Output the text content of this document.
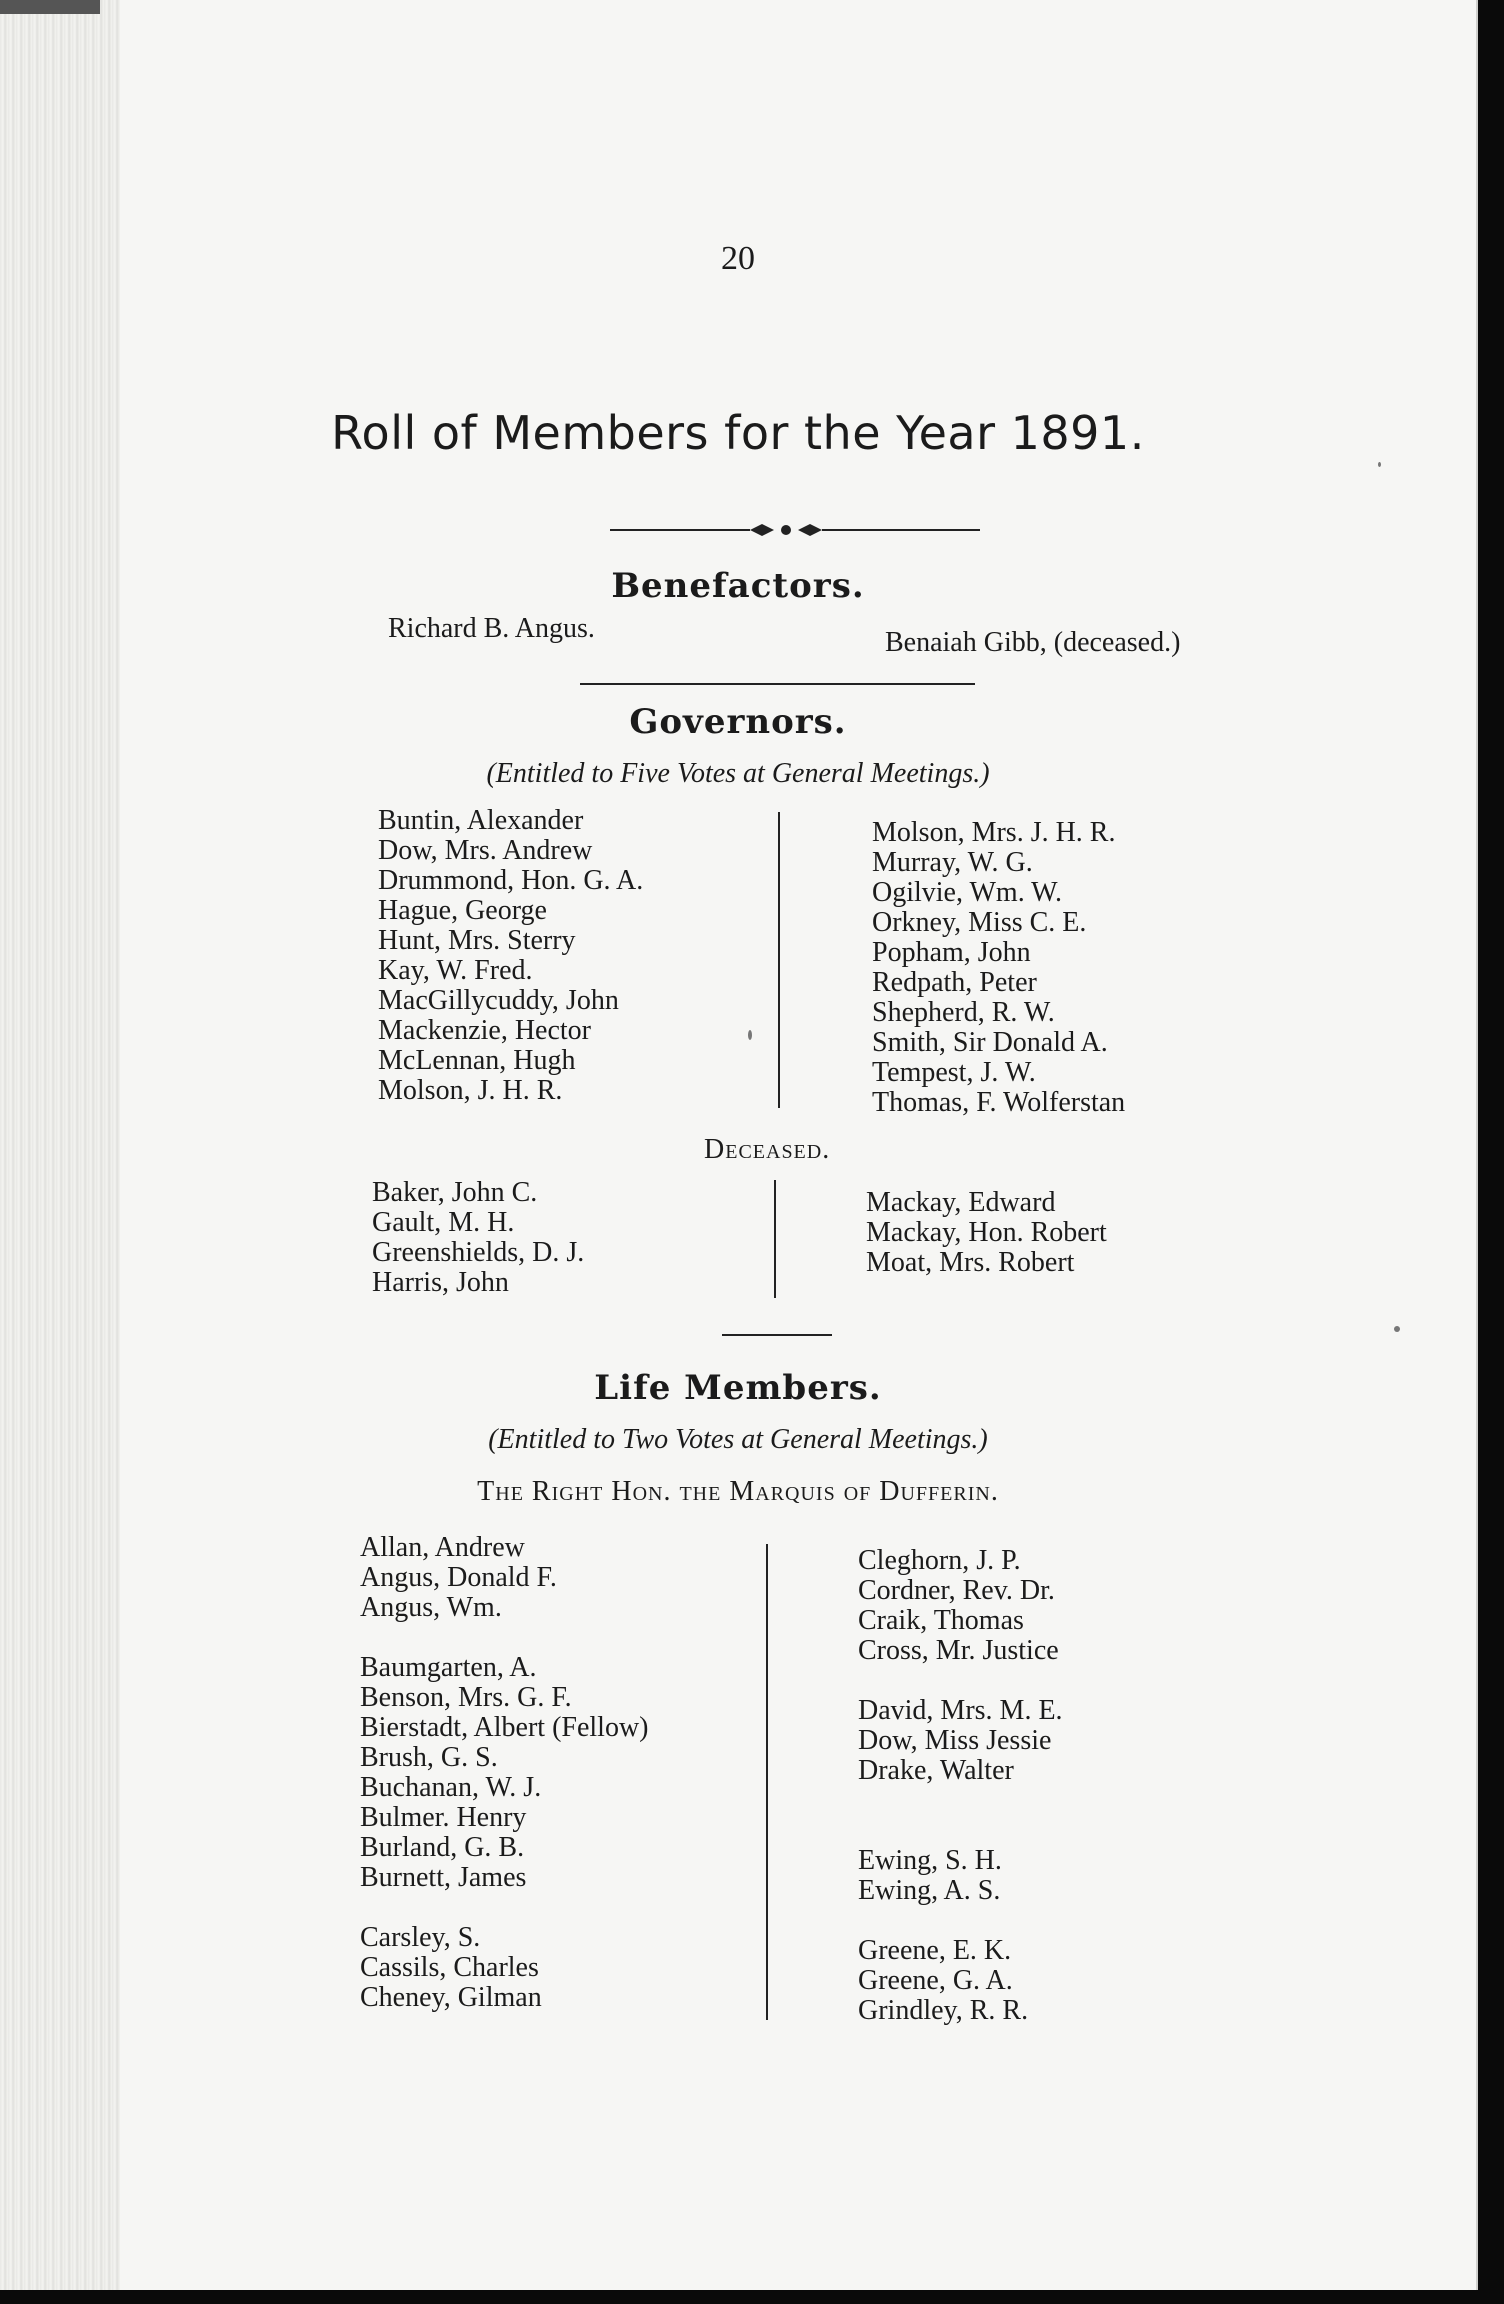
20
Roll of Members for the Year 1891.
Benefactors.
Richard B. Angus.	Benaiah Gibb, (deceased.)
Governors.
(Entitled to Five Votes at General Meetings.)
Buntin, Alexander
Dow, Mrs. Andrew
Drummond, Hon. G. A.
Hague, George
Hunt, Mrs. Sterry
Kay, W. Fred.
MacGillycuddy, John
Mackenzie, Hector
McLennan, Hugh
Molson, J. H. R.
Molson, Mrs. J. H. R.
Murray, W. G.
Ogilvie, Wm. W.
Orkney, Miss C. E.
Popham, John
Redpath, Peter
Shepherd, R. W.
Smith, Sir Donald A.
Tempest, J. W.
Thomas, F. Wolferstan
Deceased.
Baker, John C.
Gault, M. H.
Greenshields, D. J.
Harris, John
Mackay, Edward
Mackay, Hon. Robert
Moat, Mrs. Robert
Life Members.
(Entitled to Two Votes at General Meetings.)
The Right Hon. the Marquis of Dufferin.
Allan, Andrew
Angus, Donald F.
Angus, Wm.
Baumgarten, A.
Benson, Mrs. G. F.
Bierstadt, Albert (Fellow)
Brush, G. S.
Buchanan, W. J.
Bulmer. Henry
Burland, G. B.
Burnett, James
Carsley, S.
Cassils, Charles
Cheney, Gilman
Cleghorn, J. P.
Cordner, Rev. Dr.
Craik, Thomas
Cross, Mr. Justice
David, Mrs. M. E.
Dow, Miss Jessie
Drake, Walter
Ewing, S. H.
Ewing, A. S.
Greene, E. K.
Greene, G. A.
Grindley, R. R.
